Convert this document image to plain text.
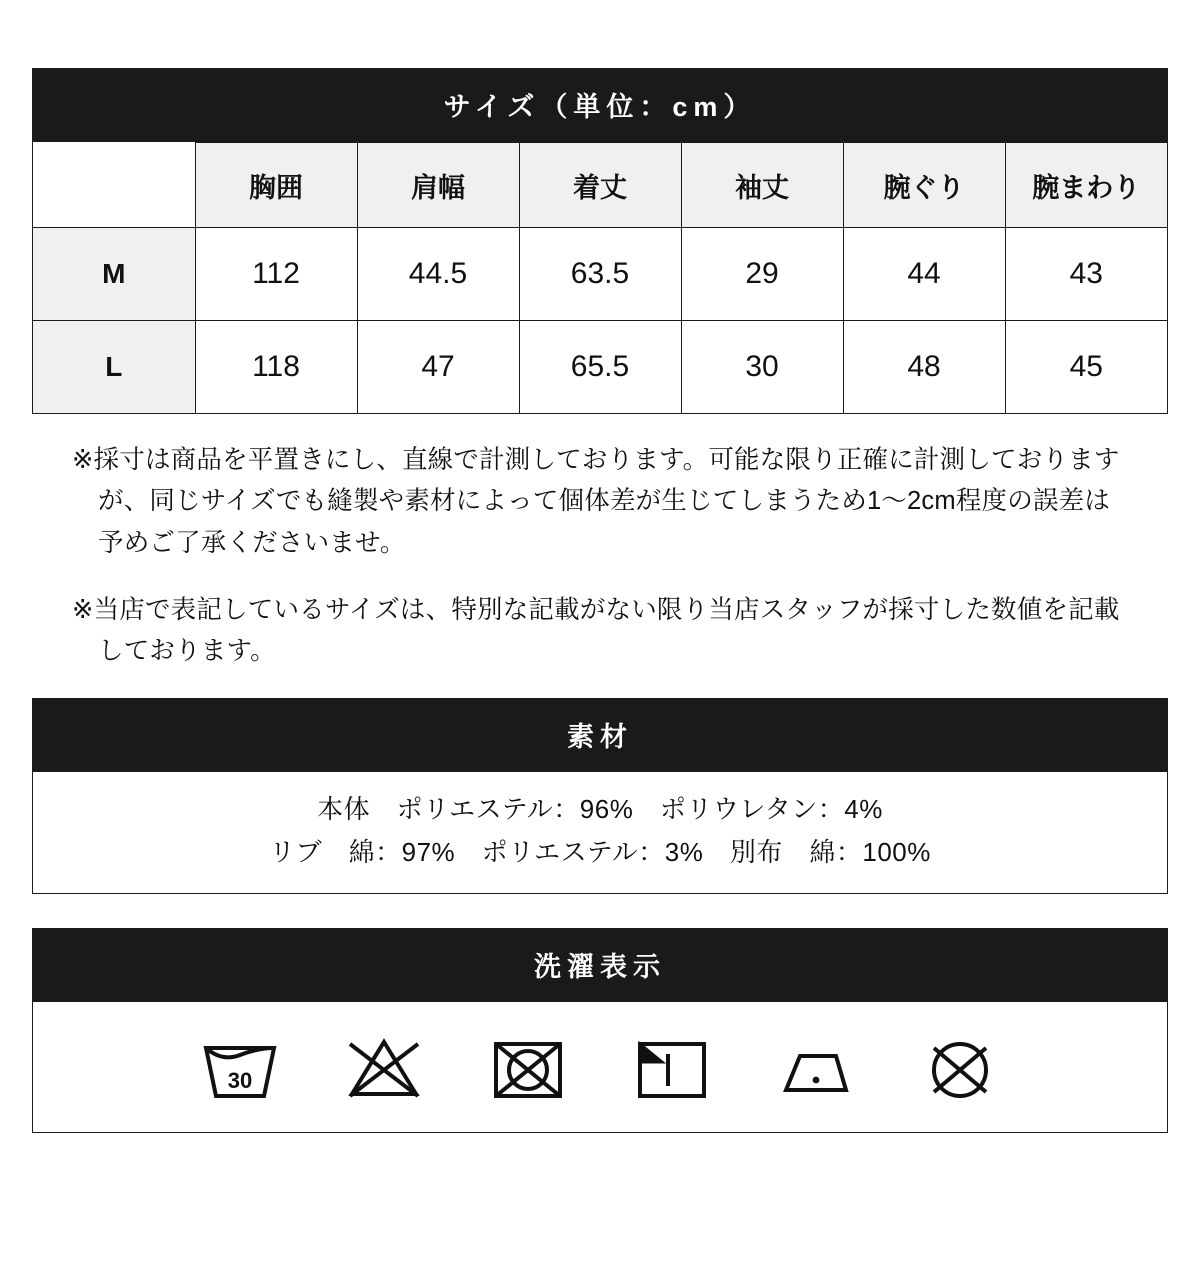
サイズ（単位：cm）
	胸囲	肩幅	着丈	袖丈	腕ぐり	腕まわり
M	112	44.5	63.5	29	44	43
L	118	47	65.5	30	48	45
※採寸は商品を平置きにし、直線で計測しております。可能な限り正確に計測しておりますが、同じサイズでも縫製や素材によって個体差が生じてしまうため1〜2cm程度の誤差は予めご了承くださいませ。
※当店で表記しているサイズは、特別な記載がない限り当店スタッフが採寸した数値を記載しております。
素材
本体　ポリエステル：96%　ポリウレタン：4%
リブ　綿：97%　ポリエステル：3%　別布　綿：100%
洗濯表示
30
